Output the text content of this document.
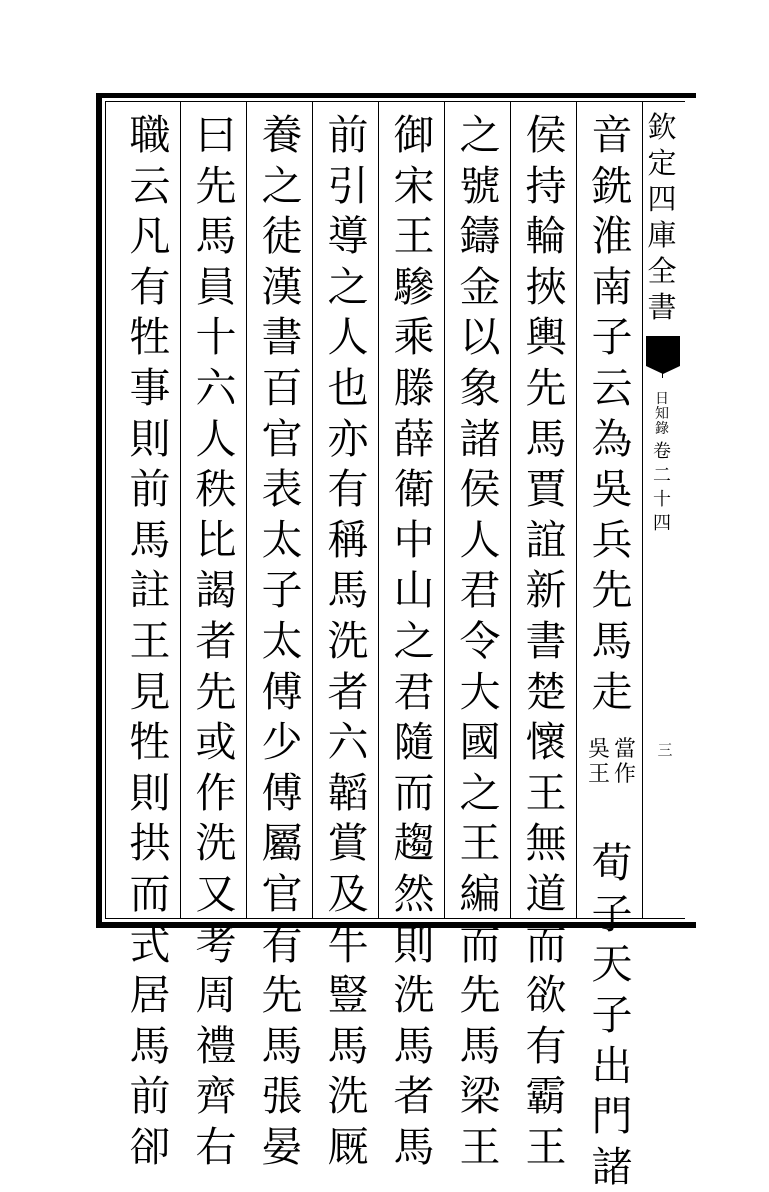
欽
定
四
庫
全
書
日
知
錄
卷
二
十
四
三
音
銑
淮
南
子
云
為
吳
兵
先
馬
走
當
作
吳
王
荀
子
天
子
出
門
諸
侯
持
輪
挾
輿
先
馬
賈
誼
新
書
楚
懷
王
無
道
而
欲
有
霸
王
之
號
鑄
金
以
象
諸
侯
人
君
令
大
國
之
王
編
而
先
馬
梁
王
御
宋
王
驂
乘
滕
薛
衛
中
山
之
君
隨
而
趨
然
則
洗
馬
者
馬
前
引
導
之
人
也
亦
有
稱
馬
洗
者
六
韜
賞
及
牛
豎
馬
洗
厩
養
之
徒
漢
書
百
官
表
太
子
太
傅
少
傅
屬
官
有
先
馬
張
晏
曰
先
馬
員
十
六
人
秩
比
謁
者
先
或
作
洗
又
考
周
禮
齊
右
職
云
凡
有
牲
事
則
前
馬
註
王
見
牲
則
拱
而
式
居
馬
前
卻
